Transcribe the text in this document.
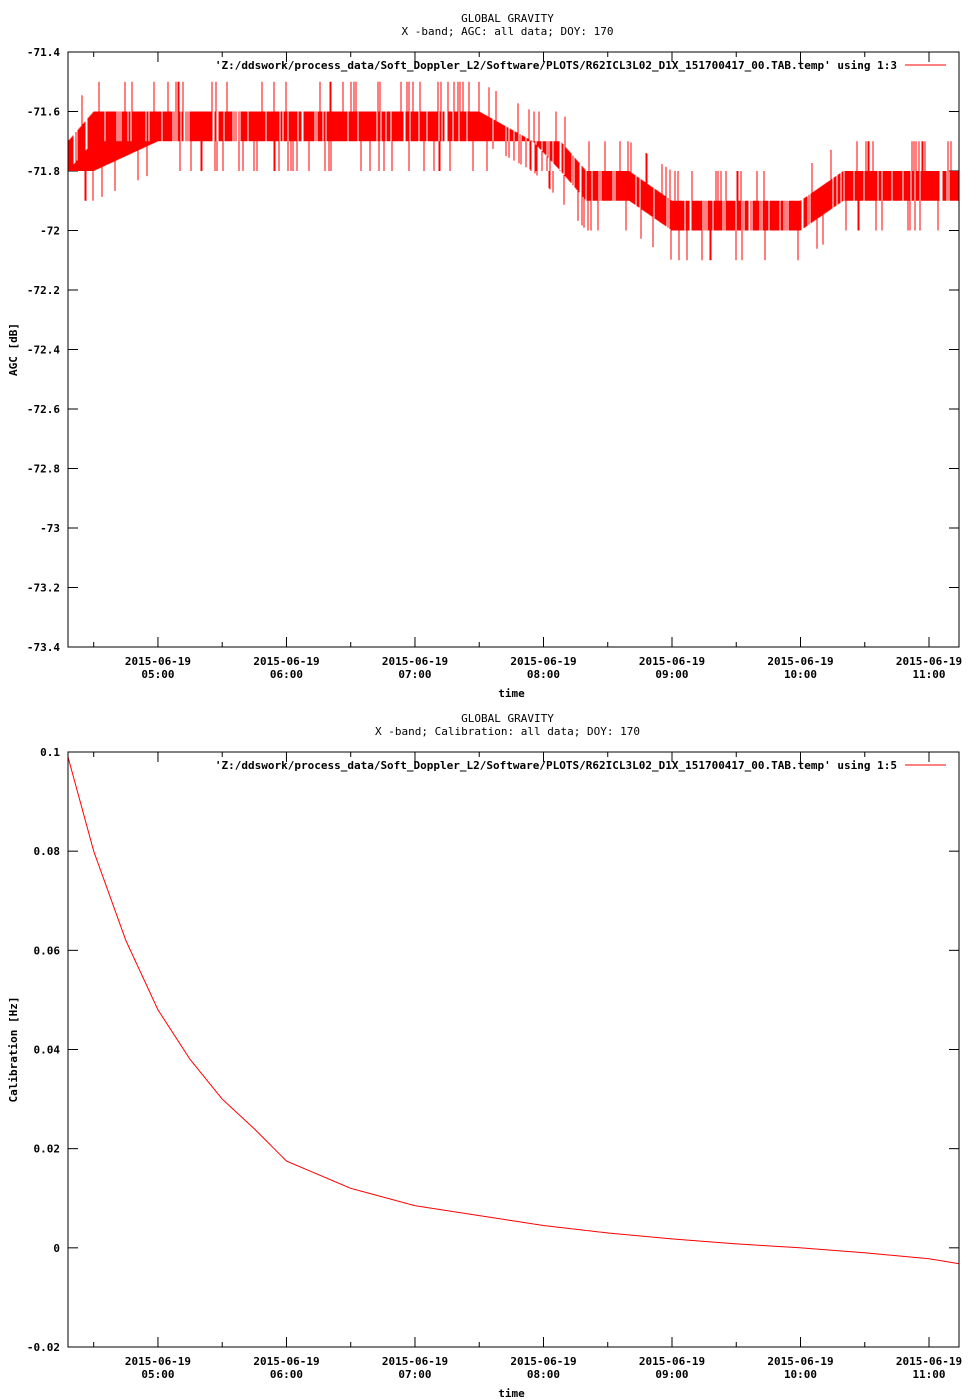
GLOBAL GRAVITY
X -band; AGC: all data; DOY: 170
-71.4
-71.6
-71.8
-72
-72.2
-72.4
-72.6
-72.8
-73
-73.2
-73.4
2015-06-19
05:00
2015-06-19
06:00
2015-06-19
07:00
2015-06-19
08:00
2015-06-19
09:00
2015-06-19
10:00
2015-06-19
11:00
time
AGC [dB]
'Z:/ddswork/process_data/Soft_Doppler_L2/Software/PLOTS/R62ICL3L02_D1X_151700417_00.TAB.temp' using 1:3
GLOBAL GRAVITY
X -band; Calibration: all data; DOY: 170
0.1
0.08
0.06
0.04
0.02
0
-0.02
2015-06-19
05:00
2015-06-19
06:00
2015-06-19
07:00
2015-06-19
08:00
2015-06-19
09:00
2015-06-19
10:00
2015-06-19
11:00
time
Calibration [Hz]
'Z:/ddswork/process_data/Soft_Doppler_L2/Software/PLOTS/R62ICL3L02_D1X_151700417_00.TAB.temp' using 1:5
